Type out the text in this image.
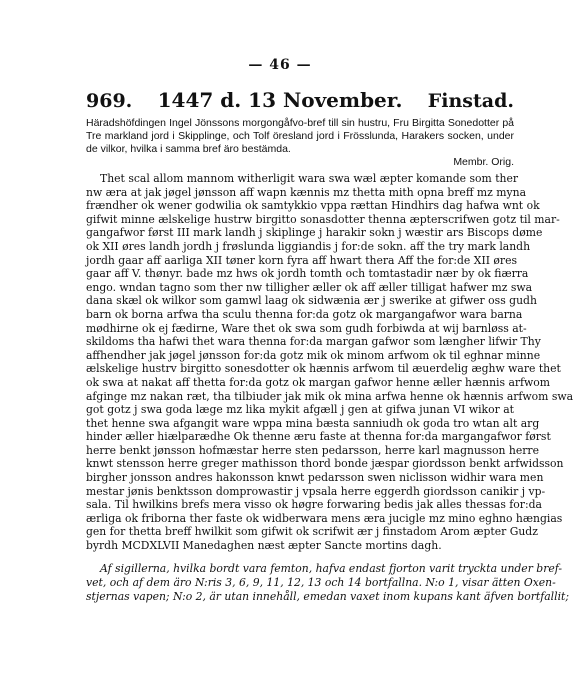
— 46 —
969. 1447 d. 13 November. Finstad.
Häradshöfdingen Ingel Jönssons morgongåfvo-bref till sin hustru, Fru Birgitta Sonedotter på Tre markland jord i Skipplinge, och Tolf öresland jord i Frösslunda, Harakers socken, under de vilkor, hvilka i samma bref äro bestämda.
Membr. Orig.
Thet scal allom mannom witherligit wara swa wæl æpter komande som ther
nw æra at jak jøgel jønsson aff wapn kænnis mz thetta mith opna breff mz myna
frændher ok wener godwilia ok samtykkio vppa rættan Hindhirs dag hafwa wnt ok
gifwit minne ælskelige hustrw birgitto sonasdotter thenna æpterscrifwen gotz til mar-
gangafwor først III mark landh j skiplinge j harakir sokn j wæstir ars Biscops døme
ok XII øres landh jordh j frøslunda liggiandis j for:de sokn. aff the try mark landh
jordh gaar aff aarliga XII tøner korn fyra aff hwart thera Aff the for:de XII øres
gaar aff V. thønyr. bade mz hws ok jordh tomth och tomtastadir nær by ok fiærra
engo. wndan tagno som ther nw tilligher æller ok aff æller tilligat hafwer mz swa
dana skæl ok wilkor som gamwl laag ok sidwænia ær j swerike at gifwer oss gudh
barn ok borna arfwa tha sculu thenna for:da gotz ok margangafwor wara barna
mødhirne ok ej fædirne, Ware thet ok swa som gudh forbiwda at wij barnløss at-
skildoms tha hafwi thet wara thenna for:da margan gafwor som længher lifwir Thy
affhendher jak jøgel jønsson for:da gotz mik ok minom arfwom ok til eghnar minne
ælskelige hustrv birgitto sonesdotter ok hænnis arfwom til æuerdelig æghw ware thet
ok swa at nakat aff thetta for:da gotz ok margan gafwor henne æller hænnis arfwom
afginge mz nakan ræt, tha tilbiuder jak mik ok mina arfwa henne ok hænnis arfwom swa
got gotz j swa goda læge mz lika mykit afgæll j gen at gifwa junan VI wikor at
thet henne swa afgangit ware wppa mina bæsta sanniudh ok goda tro wtan alt arg
hinder æller hiælparædhe Ok thenne æru faste at thenna for:da margangafwor først
herre benkt jønsson hofmæstar herre sten pedarsson, herre karl magnusson herre
knwt stensson herre greger mathisson thord bonde jæspar giordsson benkt arfwidsson
birgher jonsson andres hakonsson knwt pedarsson swen niclisson widhir wara men
mestar jønis benktsson domprowastir j vpsala herre eggerdh giordsson canikir j vp-
sala. Til hwilkins brefs mera visso ok høgre forwaring bedis jak alles thessas for:da
ærliga ok friborna ther faste ok widberwara mens æra jucigle mz mino eghno hængias
gen for thetta breff hwilkit som gifwit ok scrifwit ær j finstadom Arom æpter Gudz
byrdh MCDXLVII Manedaghen næst æpter Sancte mortins dagh.
Af sigillerna, hvilka bordt vara femton, hafva endast fjorton varit tryckta under bref-
vet, och af dem äro N:ris 3, 6, 9, 11, 12, 13 och 14 bortfallna. N:o 1, visar ätten Oxen-
stjernas vapen; N:o 2, är utan innehåll, emedan vaxet inom kupans kant äfven bortfallit;
